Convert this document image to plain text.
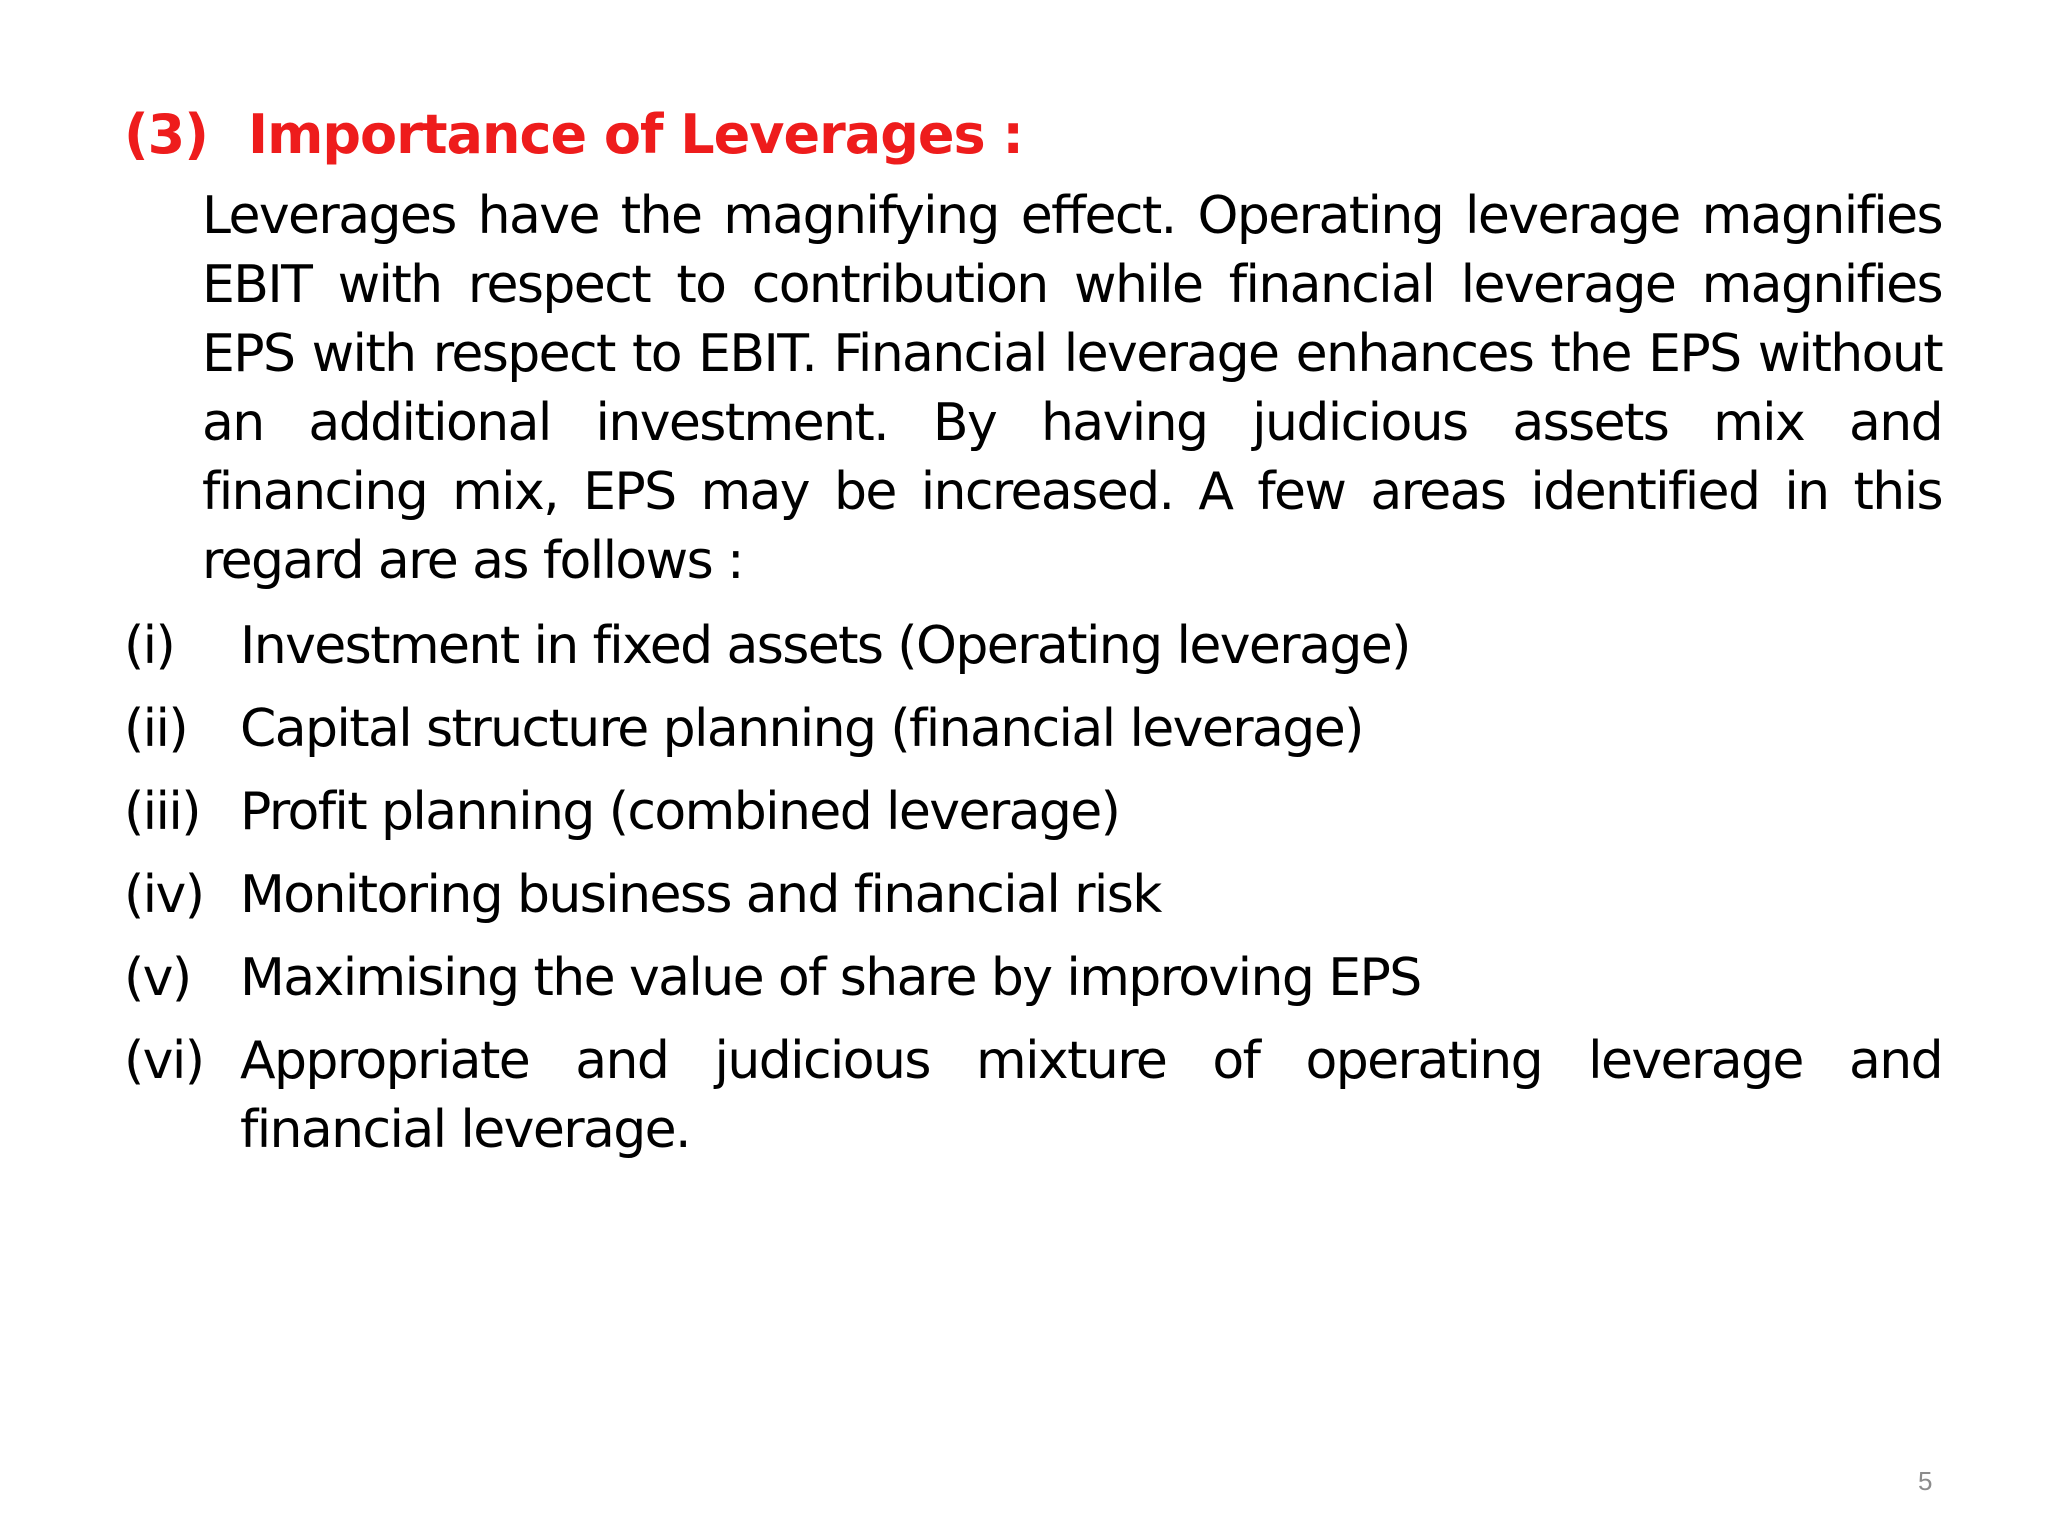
(3) Importance of Leverages :
Leverages have the magnifying effect. Operating leverage magnifies EBIT with respect to contribution while financial leverage magnifies EPS with respect to EBIT. Financial leverage enhances the EPS without an additional investment. By having judicious assets mix and financing mix, EPS may be increased. A few areas identified in this regard are as follows :
(i)	Investment in fixed assets (Operating leverage)
(ii)	Capital structure planning (financial leverage)
(iii) Profit planning (combined leverage)
(iv) Monitoring business and financial risk
(v) Maximising the value of share by improving EPS
(vi) Appropriate and judicious mixture of operating leverage and financial leverage.
5
